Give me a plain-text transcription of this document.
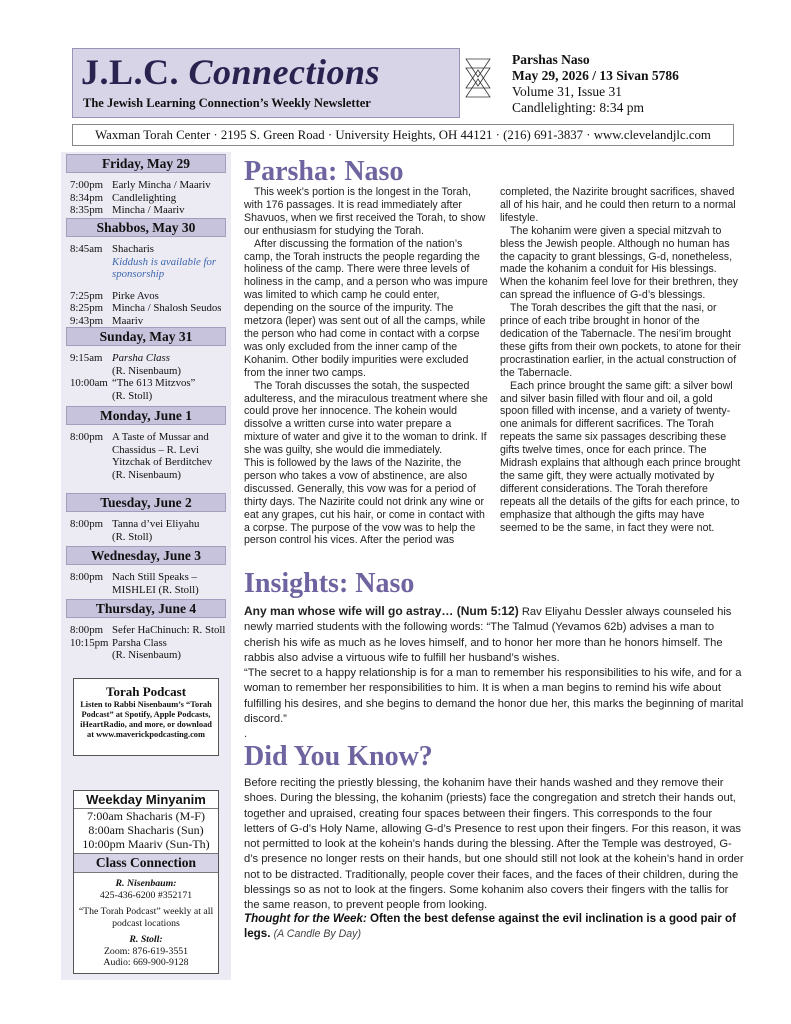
J.L.C. Connections
The Jewish Learning Connection’s Weekly Newsletter
Parshas Naso
May 29, 2026 / 13 Sivan 5786
Volume 31, Issue 31
Candlelighting: 8:34 pm
Waxman Torah Center · 2195 S. Green Road · University Heights, OH 44121 · (216) 691-3837 · www.clevelandjlc.com
Friday, May 29
7:00pm Early Mincha / Maariv
8:34pm Candlelighting
8:35pm Mincha / Maariv
Shabbos, May 30
8:45am Shacharis
Kiddush is available for sponsorship
7:25pm Pirke Avos
8:25pm Mincha / Shalosh Seudos
9:43pm Maariv
Sunday, May 31
9:15am Parsha Class
(R. Nisenbaum)
10:00am “The 613 Mitzvos”
(R. Stoll)
Monday, June 1
8:00pm A Taste of Mussar and Chassidus – R. Levi Yitzchak of Berditchev
(R. Nisenbaum)
Tuesday, June 2
8:00pm Tanna d’vei Eliyahu
(R. Stoll)
Wednesday, June 3
8:00pm Nach Still Speaks – MISHLEI (R. Stoll)
Thursday, June 4
8:00pm Sefer HaChinuch: R. Stoll
10:15pm Parsha Class
(R. Nisenbaum)
Torah Podcast
Listen to Rabbi Nisenbaum’s “Torah Podcast” at Spotify, Apple Podcasts, iHeartRadio, and more, or download at www.maverickpodcasting.com
Weekday Minyanim
7:00am Shacharis (M-F)
8:00am Shacharis (Sun)
10:00pm Maariv (Sun-Th)
Class Connection
R. Nisenbaum:
425-436-6200 #352171
“The Torah Podcast” weekly at all podcast locations
R. Stoll:
Zoom: 876-619-3551
Audio: 669-900-9128
Parsha: Naso

This week’s portion is the longest in the Torah, with 176 passages. It is read immediately after Shavuos, when we first received the Torah, to show our enthusiasm for studying the Torah.

After discussing the formation of the nation’s camp, the Torah instructs the people regarding the holiness of the camp. There were three levels of holiness in the camp, and a person who was impure was limited to which camp he could enter, depending on the source of the impurity. The metzora (leper) was sent out of all the camps, while the person who had come in contact with a corpse was only excluded from the inner camp of the Kohanim. Other bodily impurities were excluded from the inner two camps.

The Torah discusses the sotah, the suspected adulteress, and the miraculous treatment where she could prove her innocence. The kohein would dissolve a written curse into water prepare a mixture of water and give it to the woman to drink. If she was guilty, she would die immediately.

This is followed by the laws of the Nazirite, the person who takes a vow of abstinence, are also discussed. Generally, this vow was for a period of thirty days. The Nazirite could not drink any wine or eat any grapes, cut his hair, or come in contact with a corpse. The purpose of the vow was to help the person control his vices. After the period was

completed, the Nazirite brought sacrifices, shaved all of his hair, and he could then return to a normal lifestyle.

The kohanim were given a special mitzvah to bless the Jewish people. Although no human has the capacity to grant blessings, G-d, nonetheless, made the kohanim a conduit for His blessings. When the kohanim feel love for their brethren, they can spread the influence of G-d’s blessings.

The Torah describes the gift that the nasi, or prince of each tribe brought in honor of the dedication of the Tabernacle. The nesi’im brought these gifts from their own pockets, to atone for their procrastination earlier, in the actual construction of the Tabernacle.

Each prince brought the same gift: a silver bowl and silver basin filled with flour and oil, a gold spoon filled with incense, and a variety of twenty-one animals for different sacrifices. The Torah repeats the same six passages describing these gifts twelve times, once for each prince. The Midrash explains that although each prince brought the same gift, they were actually motivated by different considerations. The Torah therefore repeats all the details of the gifts for each prince, to emphasize that although the gifts may have seemed to be the same, in fact they were not.

Insights: Naso
Any man whose wife will go astray… (Num 5:12) Rav Eliyahu Dessler always counseled his newly married students with the following words: “The Talmud (Yevamos 62b) advises a man to cherish his wife as much as he loves himself, and to honor her more than he honors himself. The rabbis also advise a virtuous wife to fulfill her husband’s wishes.
“The secret to a happy relationship is for a man to remember his responsibilities to his wife, and for a woman to remember her responsibilities to him. It is when a man begins to remind his wife about fulfilling his desires, and she begins to demand the honor due her, this marks the beginning of marital discord.”
.
Did You Know?
Before reciting the priestly blessing, the kohanim have their hands washed and they remove their shoes. During the blessing, the kohanim (priests) face the congregation and stretch their hands out, together and upraised, creating four spaces between their fingers. This corresponds to the four letters of G-d’s Holy Name, allowing G-d’s Presence to rest upon their fingers. For this reason, it was not permitted to look at the kohein’s hands during the blessing. After the Temple was destroyed, G-d’s presence no longer rests on their hands, but one should still not look at the kohein’s hand in order not to be distracted. Traditionally, people cover their faces, and the faces of their children, during the blessings so as not to look at the fingers. Some kohanim also covers their fingers with the tallis for the same reason, to prevent people from looking.
Thought for the Week: Often the best defense against the evil inclination is a good pair of legs. (A Candle By Day)
